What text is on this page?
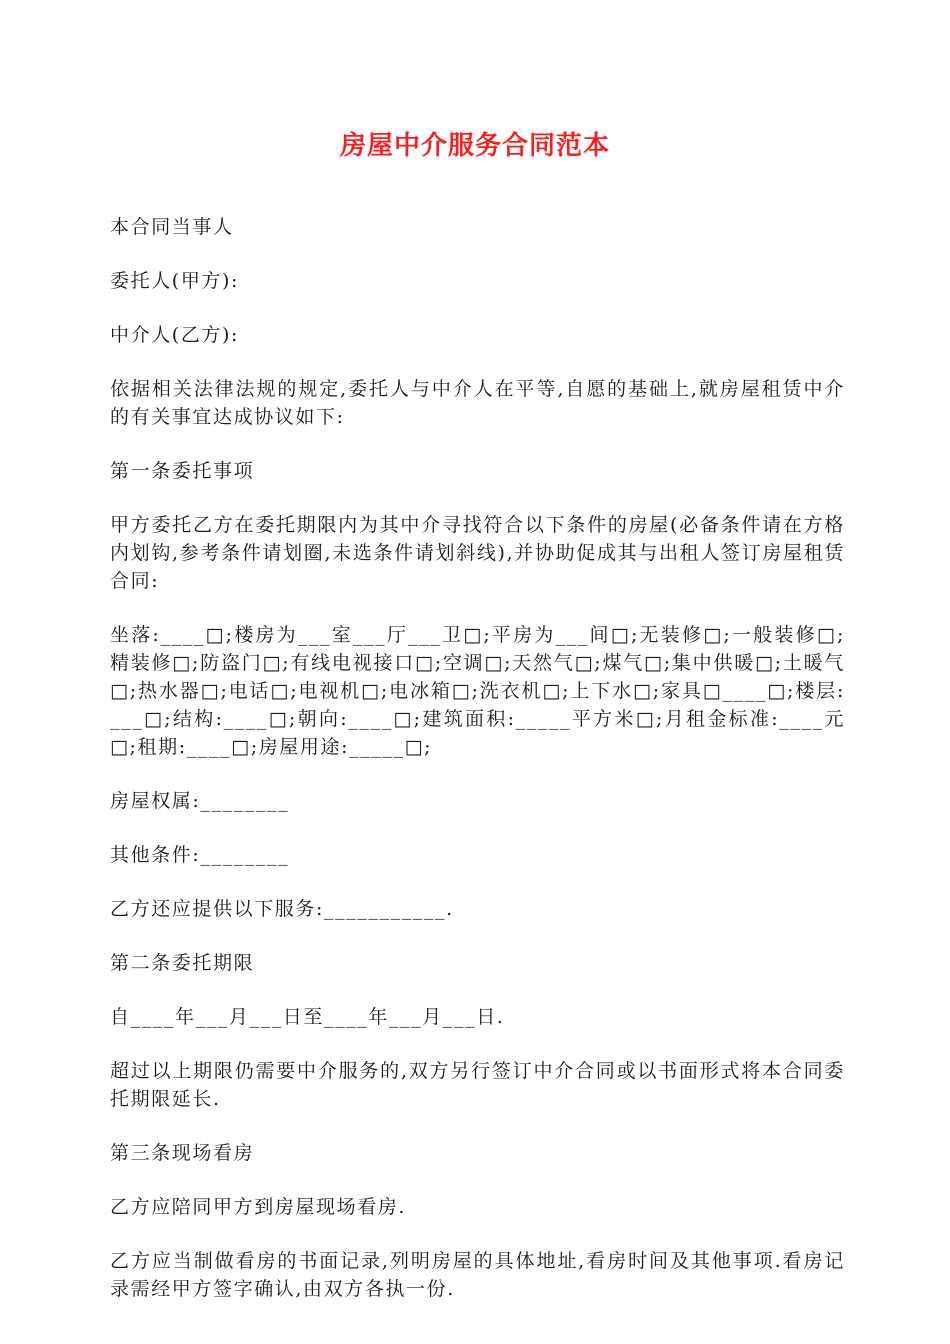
房屋中介服务合同范本

本合同当事人

委托人(甲方):

中介人(乙方):

依据相关法律法规的规定,委托人与中介人在平等,自愿的基础上,就房屋租赁中介的有关事宜达成协议如下:

第一条委托事项

甲方委托乙方在委托期限内为其中介寻找符合以下条件的房屋(必备条件请在方格内划钩,参考条件请划圈,未选条件请划斜线),并协助促成其与出租人签订房屋租赁合同:

坐落:____□;楼房为___室___厅___卫□;平房为___间□;无装修□;一般装修□;精装修□;防盗门□;有线电视接口□;空调□;天然气□;煤气□;集中供暖□;土暖气□;热水器□;电话□;电视机□;电冰箱□;洗衣机□;上下水□;家具□____□;楼层:___□;结构:____□;朝向:____□;建筑面积:_____平方米□;月租金标准:____元□;租期:____□;房屋用途:_____□;

房屋权属:________

其他条件:________

乙方还应提供以下服务:___________.

第二条委托期限

自____年___月___日至____年___月___日.

超过以上期限仍需要中介服务的,双方另行签订中介合同或以书面形式将本合同委托期限延长.

第三条现场看房

乙方应陪同甲方到房屋现场看房.

乙方应当制做看房的书面记录,列明房屋的具体地址,看房时间及其他事项.看房记录需经甲方签字确认,由双方各执一份.
